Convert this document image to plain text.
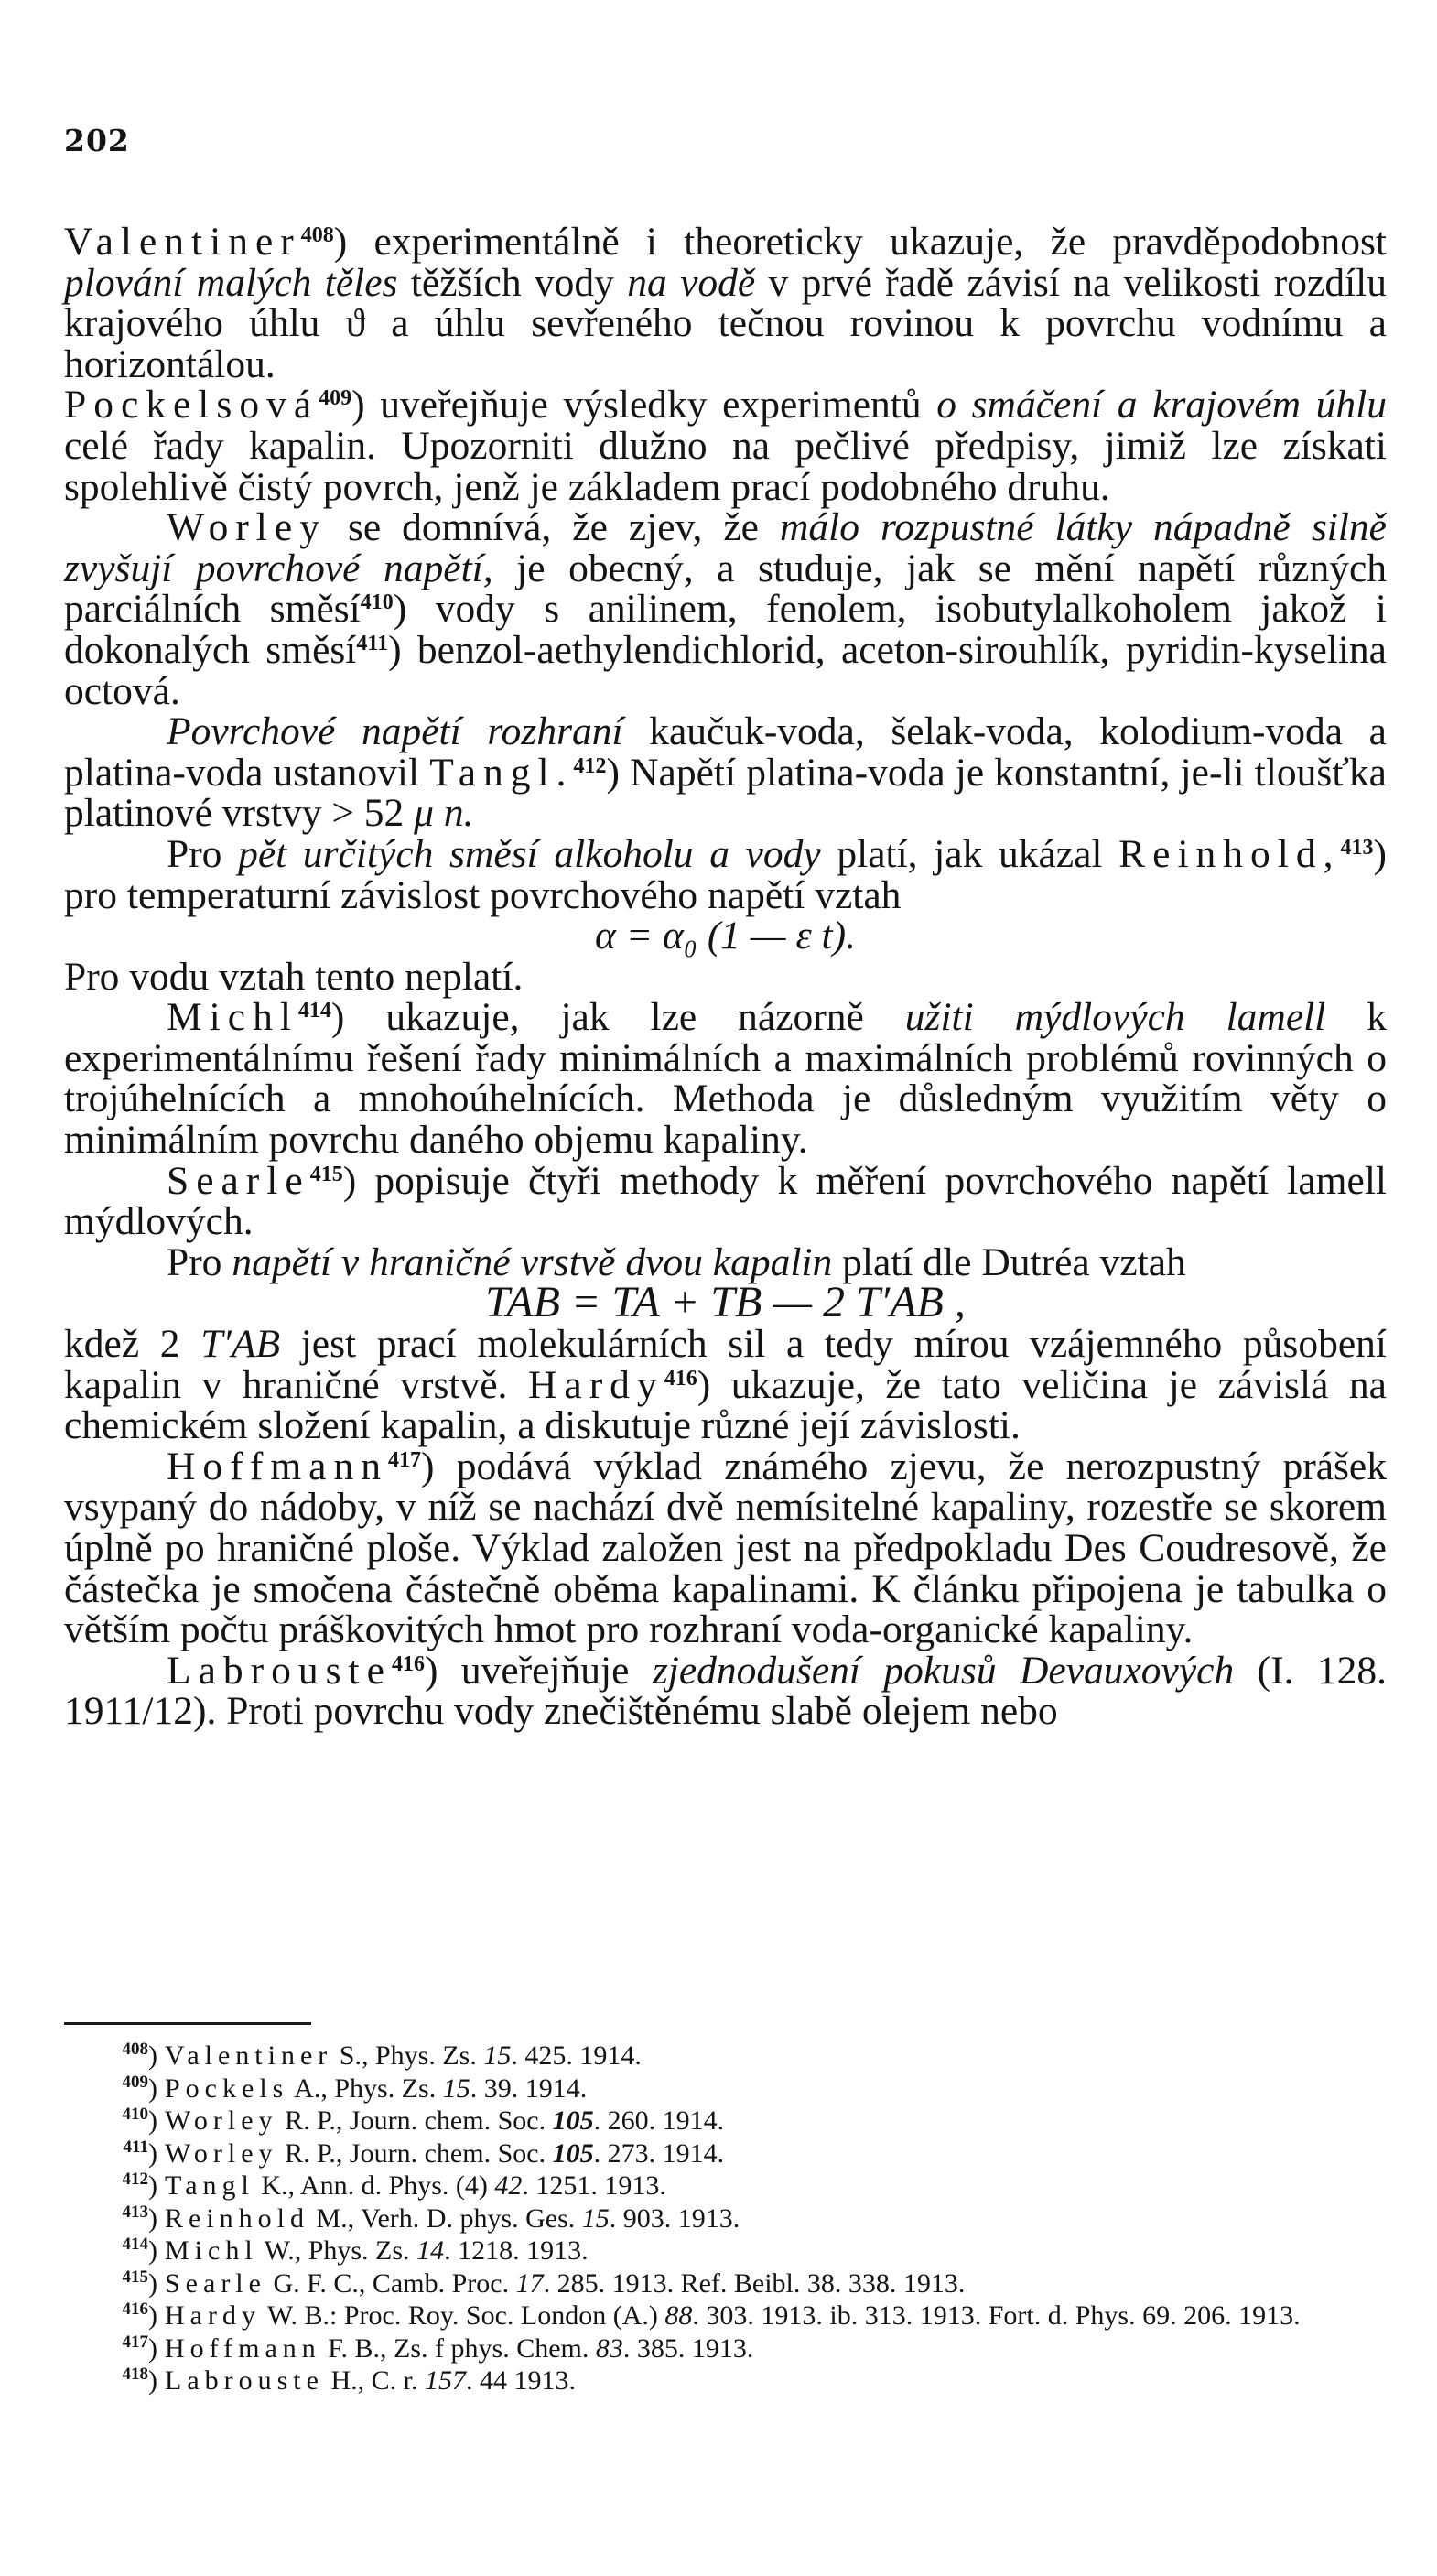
202

Valentiner$^{408}$) experimentálně i theoreticky ukazuje, že pravděpodobnost plování malých těles těžších vody na vodě v prvé řadě závisí na velikosti rozdílu krajového úhlu ϑ a úhlu sevřeného tečnou rovinou k povrchu vodnímu a horizontálou.

Pockelsová$^{409}$) uveřejňuje výsledky experimentů o smáčení a krajovém úhlu celé řady kapalin. Upozorniti dlužno na pečlivé předpisy, jimiž lze získati spolehlivě čistý povrch, jenž je základem prací podobného druhu.

Worley se domnívá, že zjev, že málo rozpustné látky nápadně silně zvyšují povrchové napětí, je obecný, a studuje, jak se mění napětí různých parciálních směsí$^{410}$) vody s anilinem, fenolem, isobutylalkoholem jakož i dokonalých směsí$^{411}$) benzol-aethylendichlorid, aceton-sirouhlík, pyridin-kyselina octová.

Povrchové napětí rozhraní kaučuk-voda, šelak-voda, kolodium-voda a platina-voda ustanovil Tangl.$^{412}$) Napětí platina-voda je konstantní, je-li tloušťka platinové vrstvy > 52 μ n.

Pro pět určitých směsí alkoholu a vody platí, jak ukázal Reinhold,$^{413}$) pro temperaturní závislost povrchového napětí vztah

α = α₀ (1 — ε t).

Pro vodu vztah tento neplatí.

Michl$^{414}$) ukazuje, jak lze názorně užiti mýdlových lamell k experimentálnímu řešení řady minimálních a maximálních problémů rovinných o trojúhelnících a mnohoúhelnících. Methoda je důsledným využitím věty o minimálním povrchu daného objemu kapaliny.

Searle$^{415}$) popisuje čtyři methody k měření povrchového napětí lamell mýdlových.

Pro napětí v hraničné vrstvě dvou kapalin platí dle Dutréa vztah

TAB = TA + TB — 2 T′AB ,

kdež 2 T′AB jest prací molekulárních sil a tedy mírou vzájemného působení kapalin v hraničné vrstvě. Hardy$^{416}$) ukazuje, že tato veličina je závislá na chemickém složení kapalin, a diskutuje různé její závislosti.

Hoffmann$^{417}$) podává výklad známého zjevu, že nerozpustný prášek vsypaný do nádoby, v níž se nachází dvě nemísitelné kapaliny, rozestře se skorem úplně po hraničné ploše. Výklad založen jest na předpokladu Des Coudresově, že částečka je smočena částečně oběma kapalinami. K článku připojena je tabulka o větším počtu práškovitých hmot pro rozhraní voda-organické kapaliny.

Labrouste$^{416}$) uveřejňuje zjednodušení pokusů Devauxových (I. 128. 1911/12). Proti povrchu vody znečištěnému slabě olejem nebo

$^{408}$) Valentiner S., Phys. Zs. 15. 425. 1914.
$^{409}$) Pockels A., Phys. Zs. 15. 39. 1914.
$^{410}$) Worley R. P., Journ. chem. Soc. 105. 260. 1914.
$^{411}$) Worley R. P., Journ. chem. Soc. 105. 273. 1914.
$^{412}$) Tangl K., Ann. d. Phys. (4) 42. 1251. 1913.
$^{413}$) Reinhold M., Verh. D. phys. Ges. 15. 903. 1913.
$^{414}$) Michl W., Phys. Zs. 14. 1218. 1913.
$^{415}$) Searle G. F. C., Camb. Proc. 17. 285. 1913. Ref. Beibl. 38. 338. 1913.
$^{416}$) Hardy W. B.: Proc. Roy. Soc. London (A.) 88. 303. 1913. ib. 313. 1913. Fort. d. Phys. 69. 206. 1913.
$^{417}$) Hoffmann F. B., Zs. f phys. Chem. 83. 385. 1913.
$^{418}$) Labrouste H., C. r. 157. 44 1913.
